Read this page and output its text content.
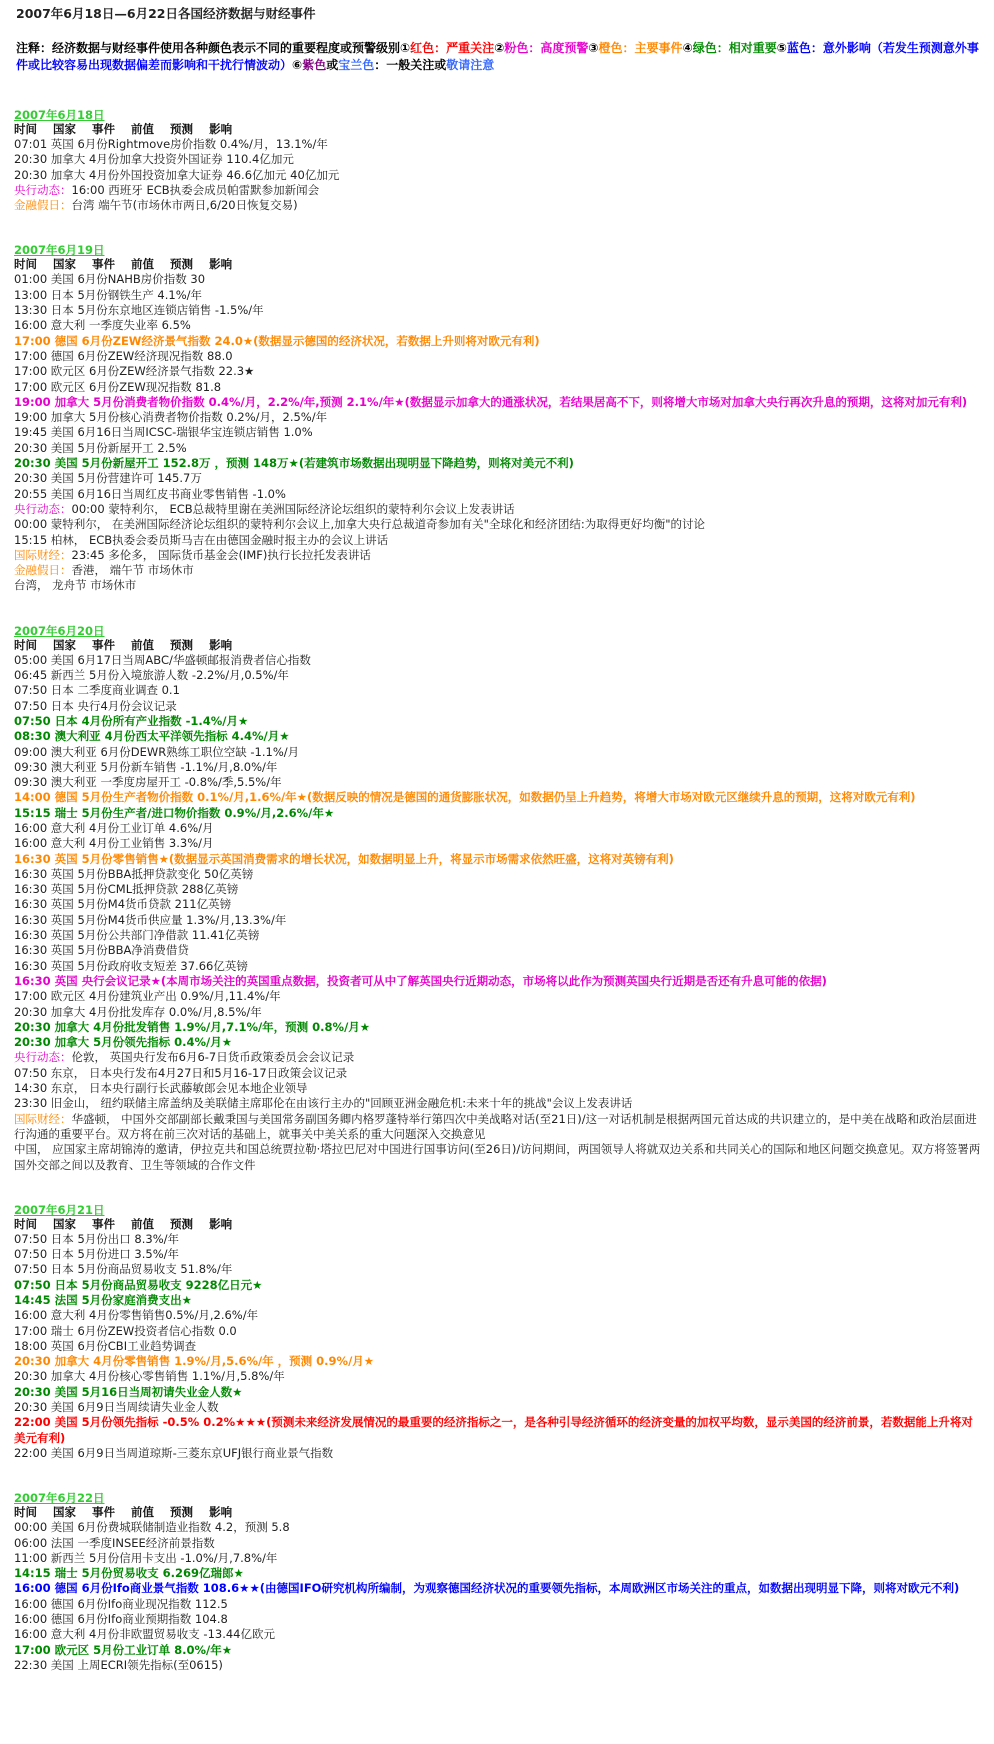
2007年6月18日—6月22日各国经济数据与财经事件
注释：经济数据与财经事件使用各种颜色表示不同的重要程度或预警级别①红色：严重关注②粉色：高度预警③橙色：主要事件④绿色：相对重要⑤蓝色：意外影响（若发生预测意外事件或比较容易出现数据偏差而影响和干扰行情波动）⑥紫色或宝兰色：一般关注或敬请注意
2007年6月18日
时间    国家    事件    前值    预测    影响
07:01 英国 6月份Rightmove房价指数 0.4%/月，13.1%/年
20:30 加拿大 4月份加拿大投资外国证券 110.4亿加元
20:30 加拿大 4月份外国投资加拿大证券 46.6亿加元 40亿加元
央行动态：16:00 西班牙 ECB执委会成员帕雷默参加新闻会
金融假日：台湾 端午节(市场休市两日,6/20日恢复交易)
2007年6月19日
时间    国家    事件    前值    预测    影响
01:00 美国 6月份NAHB房价指数 30
13:00 日本 5月份钢铁生产 4.1%/年
13:30 日本 5月份东京地区连锁店销售 -1.5%/年
16:00 意大利 一季度失业率 6.5%
17:00 德国 6月份ZEW经济景气指数 24.0★(数据显示德国的经济状况，若数据上升则将对欧元有利)
17:00 德国 6月份ZEW经济现况指数 88.0
17:00 欧元区 6月份ZEW经济景气指数 22.3★
17:00 欧元区 6月份ZEW现况指数 81.8
19:00 加拿大 5月份消费者物价指数 0.4%/月，2.2%/年,预测 2.1%/年★(数据显示加拿大的通涨状况，若结果居高不下，则将增大市场对加拿大央行再次升息的预期，这将对加元有利)
19:00 加拿大 5月份核心消费者物价指数 0.2%/月，2.5%/年
19:45 美国 6月16日当周ICSC-瑞银华宝连锁店销售 1.0%
20:30 美国 5月份新屋开工 2.5%
20:30 美国 5月份新屋开工 152.8万 ，预测 148万★(若建筑市场数据出现明显下降趋势，则将对美元不利)
20:30 美国 5月份营建许可 145.7万
20:55 美国 6月16日当周红皮书商业零售销售 -1.0%
央行动态：00:00 蒙特利尔， ECB总裁特里谢在美洲国际经济论坛组织的蒙特利尔会议上发表讲话
00:00 蒙特利尔， 在美洲国际经济论坛组织的蒙特利尔会议上,加拿大央行总裁道奇参加有关"全球化和经济团结:为取得更好均衡"的讨论
15:15 柏林， ECB执委会委员斯马吉在由德国金融时报主办的会议上讲话
国际财经：23:45 多伦多， 国际货币基金会(IMF)执行长拉托发表讲话
金融假日：香港， 端午节 市场休市
台湾， 龙舟节 市场休市
2007年6月20日
时间    国家    事件    前值    预测    影响
05:00 美国 6月17日当周ABC/华盛顿邮报消费者信心指数
06:45 新西兰 5月份入境旅游人数 -2.2%/月,0.5%/年
07:50 日本 二季度商业调查 0.1
07:50 日本 央行4月份会议记录
07:50 日本 4月份所有产业指数 -1.4%/月★
08:30 澳大利亚 4月份西太平洋领先指标 4.4%/月★
09:00 澳大利亚 6月份DEWR熟练工职位空缺 -1.1%/月
09:30 澳大利亚 5月份新车销售 -1.1%/月,8.0%/年
09:30 澳大利亚 一季度房屋开工 -0.8%/季,5.5%/年
14:00 德国 5月份生产者物价指数 0.1%/月,1.6%/年★(数据反映的情况是德国的通货膨胀状况，如数据仍呈上升趋势，将增大市场对欧元区继续升息的预期，这将对欧元有利)
15:15 瑞士 5月份生产者/进口物价指数 0.9%/月,2.6%/年★
16:00 意大利 4月份工业订单 4.6%/月
16:00 意大利 4月份工业销售 3.3%/月
16:30 英国 5月份零售销售★(数据显示英国消费需求的增长状况，如数据明显上升，将显示市场需求依然旺盛，这将对英镑有利)
16:30 英国 5月份BBA抵押贷款变化 50亿英镑
16:30 英国 5月份CML抵押贷款 288亿英镑
16:30 英国 5月份M4货币贷款 211亿英镑
16:30 英国 5月份M4货币供应量 1.3%/月,13.3%/年
16:30 英国 5月份公共部门净借款 11.41亿英镑
16:30 英国 5月份BBA净消费借贷
16:30 英国 5月份政府收支短差 37.66亿英镑
16:30 英国 央行会议记录★(本周市场关注的英国重点数据，投资者可从中了解英国央行近期动态，市场将以此作为预测英国央行近期是否还有升息可能的依据)
17:00 欧元区 4月份建筑业产出 0.9%/月,11.4%/年
20:30 加拿大 4月份批发库存 0.0%/月,8.5%/年
20:30 加拿大 4月份批发销售 1.9%/月,7.1%/年，预测 0.8%/月★
20:30 加拿大 5月份领先指标 0.4%/月★
央行动态：伦敦， 英国央行发布6月6-7日货币政策委员会会议记录
07:50 东京， 日本央行发布4月27日和5月16-17日政策会议记录
14:30 东京， 日本央行副行长武藤敏郎会见本地企业领导
23:30 旧金山， 纽约联储主席盖纳及美联储主席耶伦在由该行主办的"回顾亚洲金融危机:未来十年的挑战"会议上发表讲话
国际财经：华盛顿， 中国外交部副部长戴秉国与美国常务副国务卿内格罗蓬特举行第四次中美战略对话(至21日)/这一对话机制是根据两国元首达成的共识建立的，是中美在战略和政治层面进行沟通的重要平台。双方将在前三次对话的基础上，就事关中美关系的重大问题深入交换意见
中国， 应国家主席胡锦涛的邀请，伊拉克共和国总统贾拉勒·塔拉巴尼对中国进行国事访问(至26日)/访问期间，两国领导人将就双边关系和共同关心的国际和地区问题交换意见。双方将签署两国外交部之间以及教育、卫生等领域的合作文件
2007年6月21日
时间    国家    事件    前值    预测    影响
07:50 日本 5月份出口 8.3%/年
07:50 日本 5月份进口 3.5%/年
07:50 日本 5月份商品贸易收支 51.8%/年
07:50 日本 5月份商品贸易收支 9228亿日元★
14:45 法国 5月份家庭消费支出★
16:00 意大利 4月份零售销售0.5%/月,2.6%/年
17:00 瑞士 6月份ZEW投资者信心指数 0.0
18:00 英国 6月份CBI工业趋势调查
20:30 加拿大 4月份零售销售 1.9%/月,5.6%/年 ，预测 0.9%/月★
20:30 加拿大 4月份核心零售销售 1.1%/月,5.8%/年
20:30 美国 5月16日当周初请失业金人数★
20:30 美国 6月9日当周续请失业金人数
22:00 美国 5月份领先指标 -0.5% 0.2%★★★(预测未来经济发展情况的最重要的经济指标之一，是各种引导经济循环的经济变量的加权平均数，显示美国的经济前景，若数据能上升将对美元有利)
22:00 美国 6月9日当周道琼斯-三菱东京UFJ银行商业景气指数
2007年6月22日
时间    国家    事件    前值    预测    影响
00:00 美国 6月份费城联储制造业指数 4.2，预测 5.8
06:00 法国 一季度INSEE经济前景指数
11:00 新西兰 5月份信用卡支出 -1.0%/月,7.8%/年
14:15 瑞士 5月份贸易收支 6.269亿瑞郎★
16:00 德国 6月份Ifo商业景气指数 108.6★★(由德国IFO研究机构所编制，为观察德国经济状况的重要领先指标，本周欧洲区市场关注的重点，如数据出现明显下降，则将对欧元不利)
16:00 德国 6月份Ifo商业现况指数 112.5
16:00 德国 6月份Ifo商业预期指数 104.8
16:00 意大利 4月份非欧盟贸易收支 -13.44亿欧元
17:00 欧元区 5月份工业订单 8.0%/年★
22:30 美国 上周ECRI领先指标(至0615)
